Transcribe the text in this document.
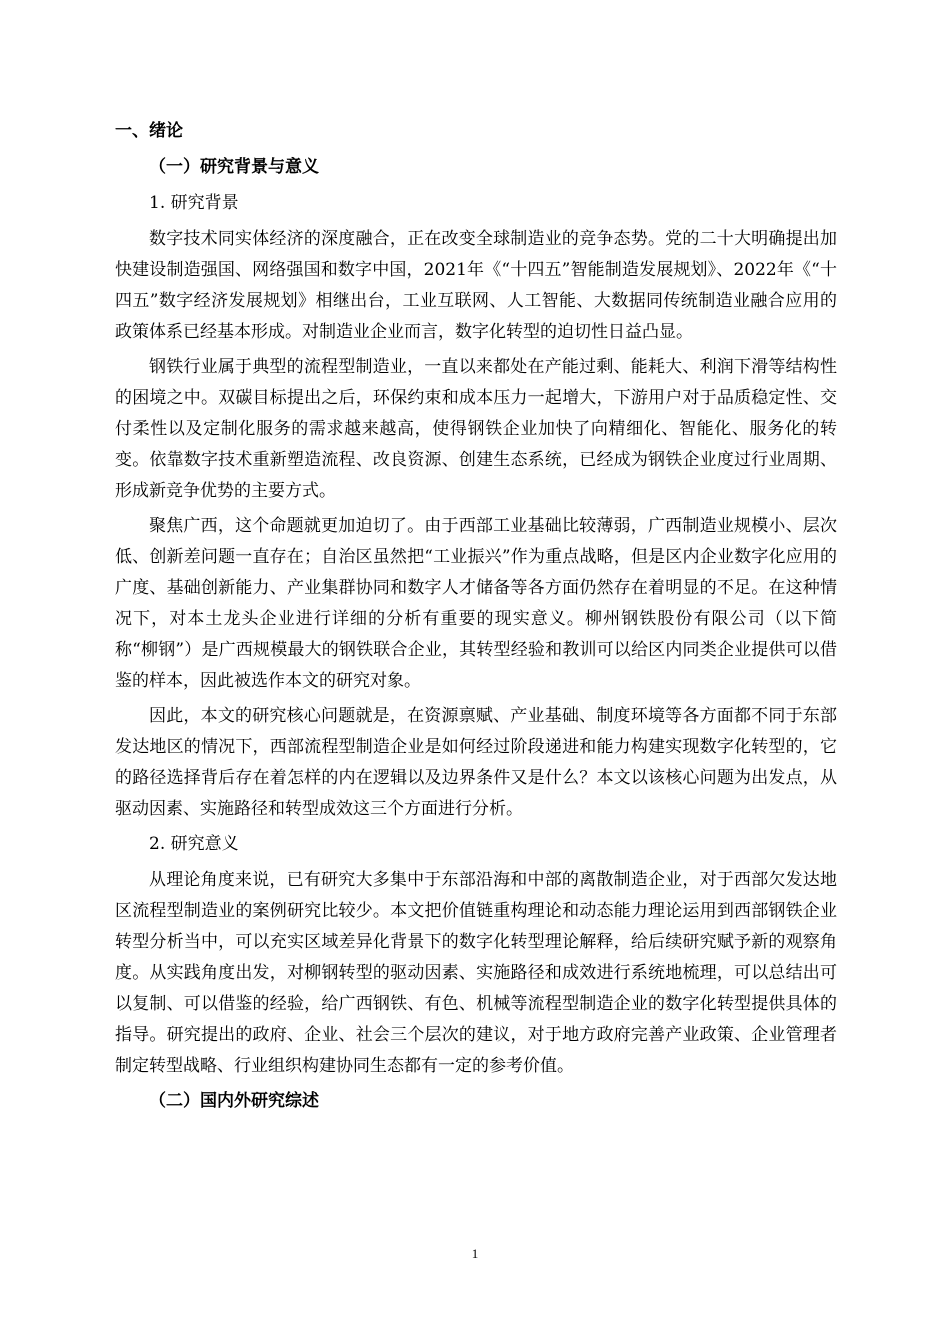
一、绪论
（一）研究背景与意义
1. 研究背景

数字技术同实体经济的深度融合，正在改变全球制造业的竞争态势。党的二十大明确提出加快建设制造强国、网络强国和数字中国，2021年《“十四五”智能制造发展规划》、2022年《“十四五”数字经济发展规划》相继出台，工业互联网、人工智能、大数据同传统制造业融合应用的政策体系已经基本形成。对制造业企业而言，数字化转型的迫切性日益凸显。

钢铁行业属于典型的流程型制造业，一直以来都处在产能过剩、能耗大、利润下滑等结构性的困境之中。双碳目标提出之后，环保约束和成本压力一起增大，下游用户对于品质稳定性、交付柔性以及定制化服务的需求越来越高，使得钢铁企业加快了向精细化、智能化、服务化的转变。依靠数字技术重新塑造流程、改良资源、创建生态系统，已经成为钢铁企业度过行业周期、形成新竞争优势的主要方式。

聚焦广西，这个命题就更加迫切了。由于西部工业基础比较薄弱，广西制造业规模小、层次低、创新差问题一直存在；自治区虽然把“工业振兴”作为重点战略，但是区内企业数字化应用的广度、基础创新能力、产业集群协同和数字人才储备等各方面仍然存在着明显的不足。在这种情况下，对本土龙头企业进行详细的分析有重要的现实意义。柳州钢铁股份有限公司（以下简称“柳钢”）是广西规模最大的钢铁联合企业，其转型经验和教训可以给区内同类企业提供可以借鉴的样本，因此被选作本文的研究对象。

因此，本文的研究核心问题就是，在资源禀赋、产业基础、制度环境等各方面都不同于东部发达地区的情况下，西部流程型制造企业是如何经过阶段递进和能力构建实现数字化转型的，它的路径选择背后存在着怎样的内在逻辑以及边界条件又是什么？本文以该核心问题为出发点，从驱动因素、实施路径和转型成效这三个方面进行分析。

2. 研究意义

从理论角度来说，已有研究大多集中于东部沿海和中部的离散制造企业，对于西部欠发达地区流程型制造业的案例研究比较少。本文把价值链重构理论和动态能力理论运用到西部钢铁企业转型分析当中，可以充实区域差异化背景下的数字化转型理论解释，给后续研究赋予新的观察角度。从实践角度出发，对柳钢转型的驱动因素、实施路径和成效进行系统地梳理，可以总结出可以复制、可以借鉴的经验，给广西钢铁、有色、机械等流程型制造企业的数字化转型提供具体的指导。研究提出的政府、企业、社会三个层次的建议，对于地方政府完善产业政策、企业管理者制定转型战略、行业组织构建协同生态都有一定的参考价值。

（二）国内外研究综述
1
